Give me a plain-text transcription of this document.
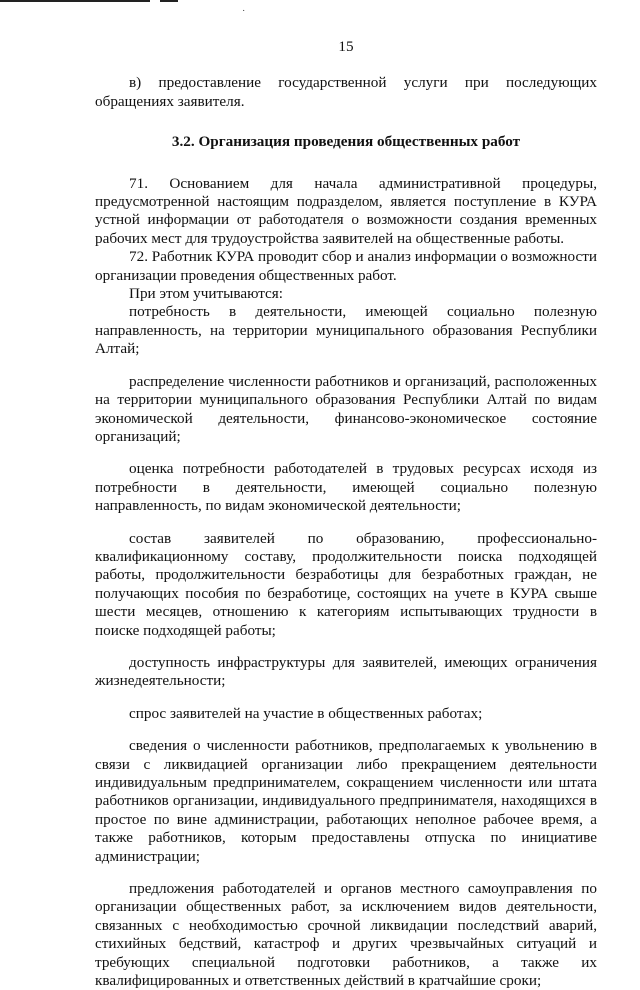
˙
15

в) предоставление государственной услуги при последующих обращениях заявителя.

3.2. Организация проведения общественных работ

71. Основанием для начала административной процедуры, предусмотренной настоящим подразделом, является поступление в КУРА устной информации от работодателя о возможности создания временных рабочих мест для трудоустройства заявителей на общественные работы.

72. Работник КУРА проводит сбор и анализ информации о возможности организации проведения общественных работ.

При этом учитываются:

потребность в деятельности, имеющей социально полезную направленность, на территории муниципального образования Республики Алтай;

распределение численности работников и организаций, расположенных на территории муниципального образования Республики Алтай по видам экономической деятельности, финансово-экономическое состояние организаций;

оценка потребности работодателей в трудовых ресурсах исходя из потребности в деятельности, имеющей социально полезную направленность, по видам экономической деятельности;

состав заявителей по образованию, профессионально-квалификационному составу, продолжительности поиска подходящей работы, продолжительности безработицы для безработных граждан, не получающих пособия по безработице, состоящих на учете в КУРА свыше шести месяцев, отношению к категориям испытывающих трудности в поиске подходящей работы;

доступность инфраструктуры для заявителей, имеющих ограничения жизнедеятельности;

спрос заявителей на участие в общественных работах;

сведения о численности работников, предполагаемых к увольнению в связи с ликвидацией организации либо прекращением деятельности индивидуальным предпринимателем, сокращением численности или штата работников организации, индивидуального предпринимателя, находящихся в простое по вине администрации, работающих неполное рабочее время, а также работников, которым предоставлены отпуска по инициативе администрации;

предложения работодателей и органов местного самоуправления по организации общественных работ, за исключением видов деятельности, связанных с необходимостью срочной ликвидации последствий аварий, стихийных бедствий, катастроф и других чрезвычайных ситуаций и требующих специальной подготовки работников, а также их квалифицированных и ответственных действий в кратчайшие сроки;
